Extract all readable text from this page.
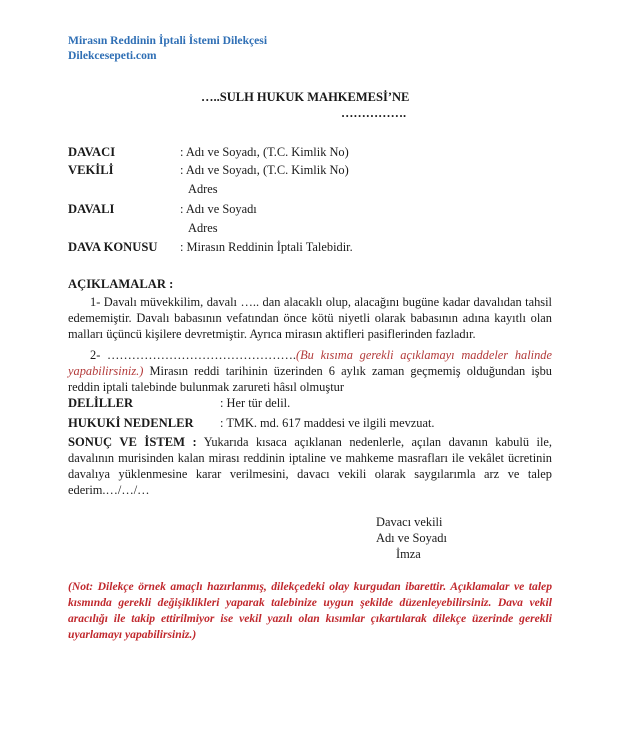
Mirasın Reddinin İptali İstemi Dilekçesi
Dilekcesepeti.com
…..SULH HUKUK MAHKEMESİ’NE
…………….
DAVACI	: Adı ve Soyadı, (T.C. Kimlik No)
VEKİLİ	: Adı ve Soyadı, (T.C. Kimlik No)
Adres
DAVALI	: Adı ve Soyadı
Adres
DAVA KONUSU : Mirasın Reddinin İptali Talebidir.
AÇIKLAMALAR :
1- Davalı müvekkilim, davalı ….. dan alacaklı olup, alacağını bugüne kadar davalıdan tahsil edememiştir. Davalı babasının vefatından önce kötü niyetli olarak babasının adına kayıtlı olan malları üçüncü kişilere devretmiştir. Ayrıca mirasın aktifleri pasiflerinden fazladır.
2- ……………………………………….(Bu kısıma gerekli açıklamayı maddeler halinde yapabilirsiniz.) Mirasın reddi tarihinin üzerinden 6 aylık zaman geçmemiş olduğundan işbu reddin iptali talebinde bulunmak zarureti hâsıl olmuştur
DELİLLER	: Her tür delil.
HUKUKİ NEDENLER : TMK. md. 617 maddesi ve ilgili mevzuat.
SONUÇ VE İSTEM : Yukarıda kısaca açıklanan nedenlerle, açılan davanın kabulü ile, davalının murisinden kalan mirası reddinin iptaline ve mahkeme masrafları ile vekâlet ücretinin davalıya yüklenmesine karar verilmesini, davacı vekili olarak saygılarımla arz ve talep ederim.…/…/…
Davacı vekili
Adı ve Soyadı
İmza
(Not: Dilekçe örnek amaçlı hazırlanmış, dilekçedeki olay kurgudan ibarettir. Açıklamalar ve talep kısmında gerekli değişiklikleri yaparak talebinize uygun şekilde düzenleyebilirsiniz. Dava vekil aracılığı ile takip ettirilmiyor ise vekil yazılı olan kısımlar çıkartılarak dilekçe üzerinde gerekli uyarlamayı yapabilirsiniz.)
